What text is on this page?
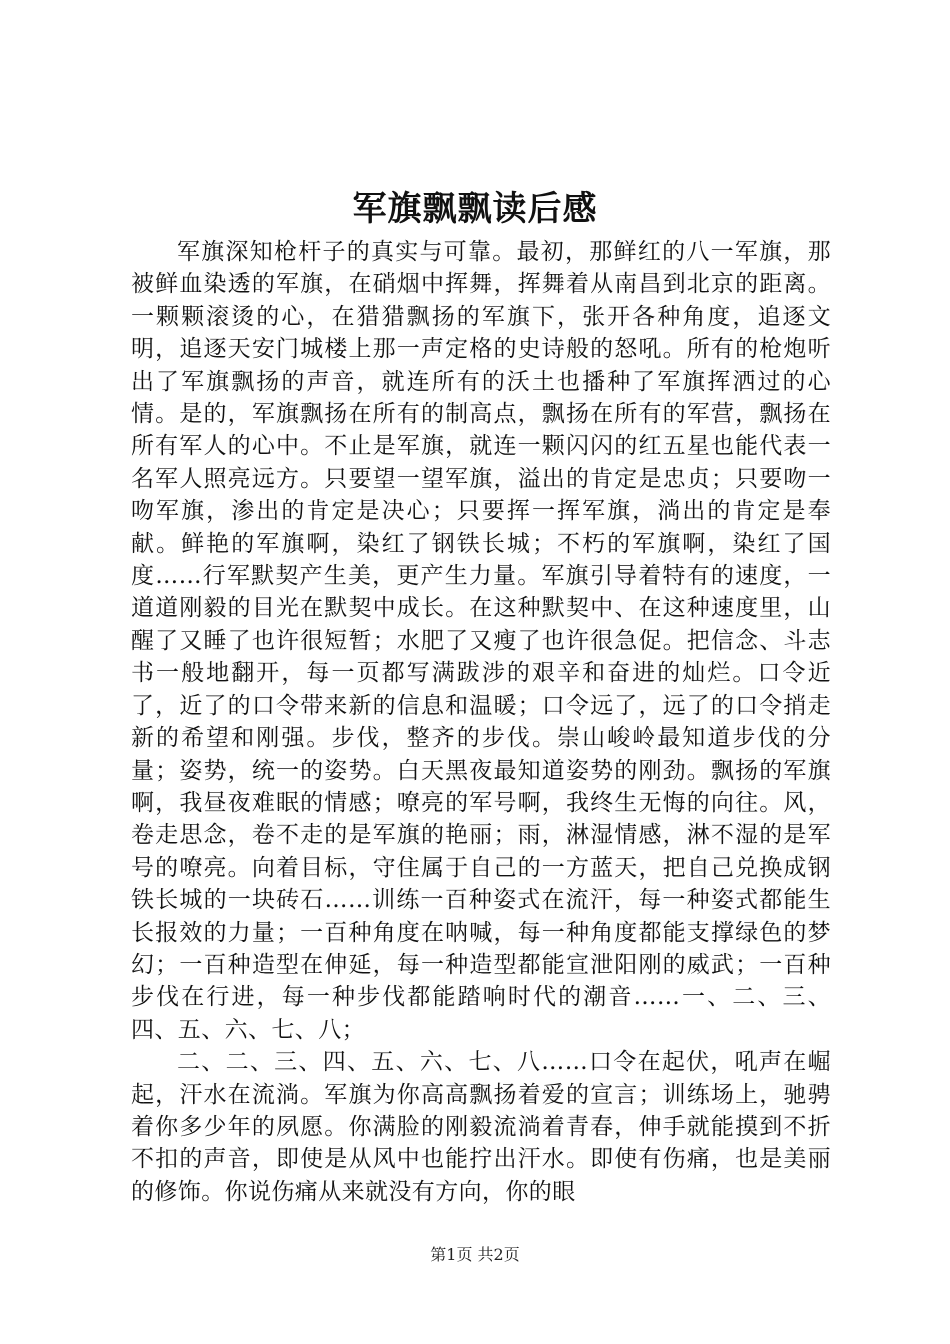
军旗飘飘读后感

军旗深知枪杆子的真实与可靠。最初，那鲜红的八一军旗，那被鲜血染透的军旗，在硝烟中挥舞，挥舞着从南昌到北京的距离。一颗颗滚烫的心，在猎猎飘扬的军旗下，张开各种角度，追逐文明，追逐天安门城楼上那一声定格的史诗般的怒吼。所有的枪炮听出了军旗飘扬的声音，就连所有的沃土也播种了军旗挥洒过的心情。是的，军旗飘扬在所有的制高点，飘扬在所有的军营，飘扬在所有军人的心中。不止是军旗，就连一颗闪闪的红五星也能代表一名军人照亮远方。只要望一望军旗，溢出的肯定是忠贞；只要吻一吻军旗，渗出的肯定是决心；只要挥一挥军旗，淌出的肯定是奉献。鲜艳的军旗啊，染红了钢铁长城；不朽的军旗啊，染红了国度……行军默契产生美，更产生力量。军旗引导着特有的速度，一道道刚毅的目光在默契中成长。在这种默契中、在这种速度里，山醒了又睡了也许很短暂；水肥了又瘦了也许很急促。把信念、斗志书一般地翻开，每一页都写满跋涉的艰辛和奋进的灿烂。口令近了，近了的口令带来新的信息和温暖；口令远了，远了的口令捎走新的希望和刚强。步伐，整齐的步伐。崇山峻岭最知道步伐的分量；姿势，统一的姿势。白天黑夜最知道姿势的刚劲。飘扬的军旗啊，我昼夜难眠的情感；嘹亮的军号啊，我终生无悔的向往。风，卷走思念，卷不走的是军旗的艳丽；雨，淋湿情感，淋不湿的是军号的嘹亮。向着目标，守住属于自己的一方蓝天，把自己兑换成钢铁长城的一块砖石……训练一百种姿式在流汗，每一种姿式都能生长报效的力量；一百种角度在呐喊，每一种角度都能支撑绿色的梦幻；一百种造型在伸延，每一种造型都能宣泄阳刚的威武；一百种步伐在行进，每一种步伐都能踏响时代的潮音……一、二、三、四、五、六、七、八；

二、二、三、四、五、六、七、八……口令在起伏，吼声在崛起，汗水在流淌。军旗为你高高飘扬着爱的宣言；训练场上，驰骋着你多少年的夙愿。你满脸的刚毅流淌着青春，伸手就能摸到不折不扣的声音，即使是从风中也能拧出汗水。即使有伤痛，也是美丽的修饰。你说伤痛从来就没有方向，你的眼

第1页 共2页
